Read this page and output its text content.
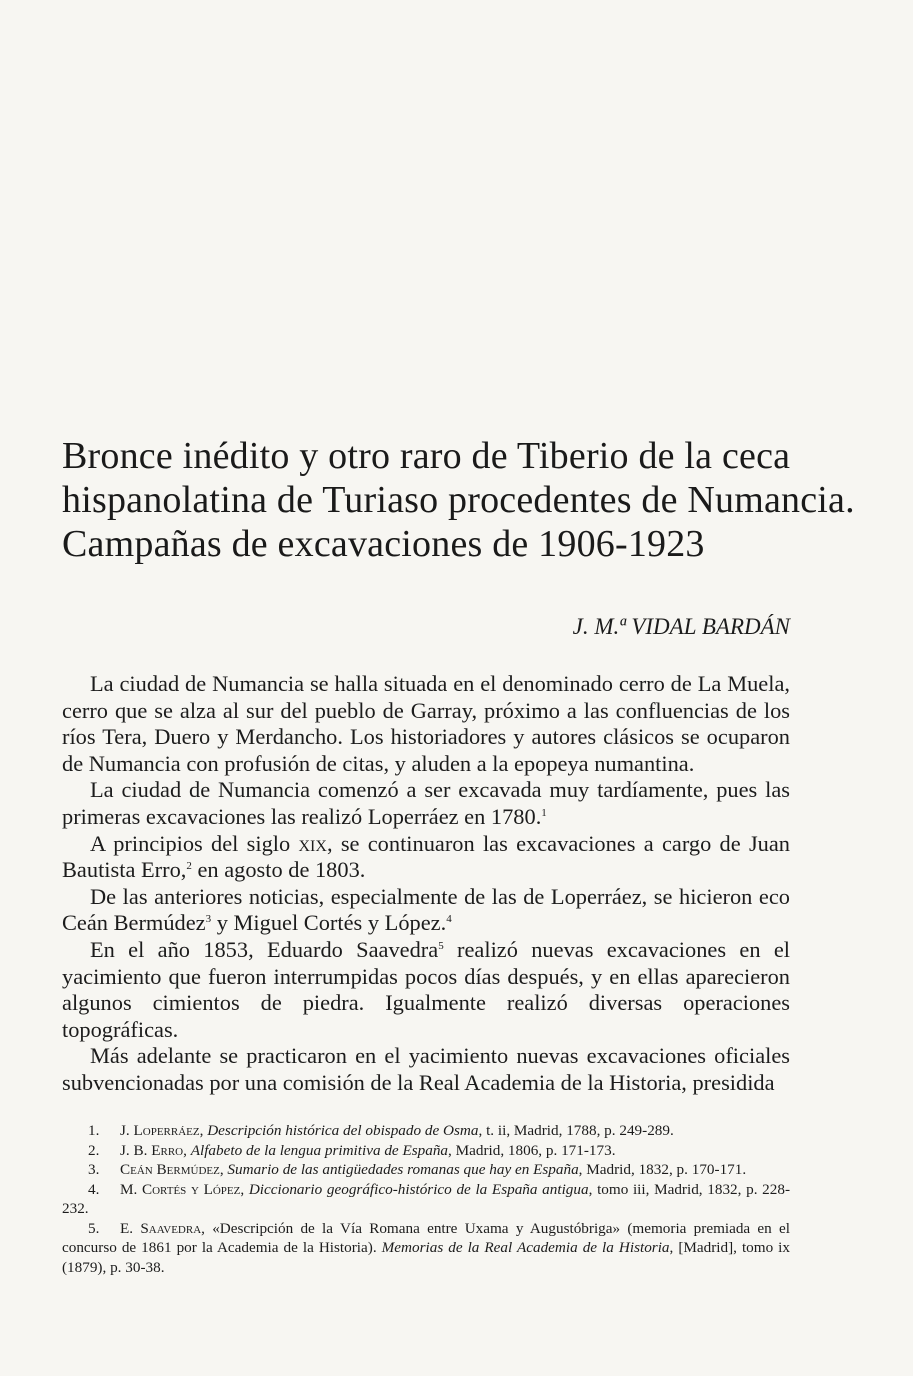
Bronce inédito y otro raro de Tiberio de la ceca
hispanolatina de Turiaso procedentes de Numancia.
Campañas de excavaciones de 1906-1923
J. M.ª VIDAL BARDÁN

La ciudad de Numancia se halla situada en el denominado cerro de La Muela, cerro que se alza al sur del pueblo de Garray, próximo a las confluencias de los ríos Tera, Duero y Merdancho. Los historiadores y autores clásicos se ocuparon de Numancia con profusión de citas, y aluden a la epopeya numantina.

La ciudad de Numancia comenzó a ser excavada muy tardíamente, pues las primeras excavaciones las realizó Loperráez en 1780.$^1$

A principios del siglo xix, se continuaron las excavaciones a cargo de Juan Bautista Erro,$^2$ en agosto de 1803.

De las anteriores noticias, especialmente de las de Loperráez, se hicieron eco Ceán Bermúdez$^3$ y Miguel Cortés y López.$^4$

En el año 1853, Eduardo Saavedra$^5$ realizó nuevas excavaciones en el yacimiento que fueron interrumpidas pocos días después, y en ellas aparecieron algunos cimientos de piedra. Igualmente realizó diversas operaciones topográficas.

Más adelante se practicaron en el yacimiento nuevas excavaciones oficiales subvencionadas por una comisión de la Real Academia de la Historia, presidida

1. J. Loperráez, Descripción histórica del obispado de Osma, t. ii, Madrid, 1788, p. 249-289.

2. J. B. Erro, Alfabeto de la lengua primitiva de España, Madrid, 1806, p. 171-173.

3. Ceán Bermúdez, Sumario de las antigüedades romanas que hay en España, Madrid, 1832, p. 170-171.

4. M. Cortés y López, Diccionario geográfico-histórico de la España antigua, tomo iii, Madrid, 1832, p. 228-232.

5. E. Saavedra, «Descripción de la Vía Romana entre Uxama y Augustóbriga» (memoria premiada en el concurso de 1861 por la Academia de la Historia). Memorias de la Real Academia de la Historia, [Madrid], tomo ix (1879), p. 30-38.
